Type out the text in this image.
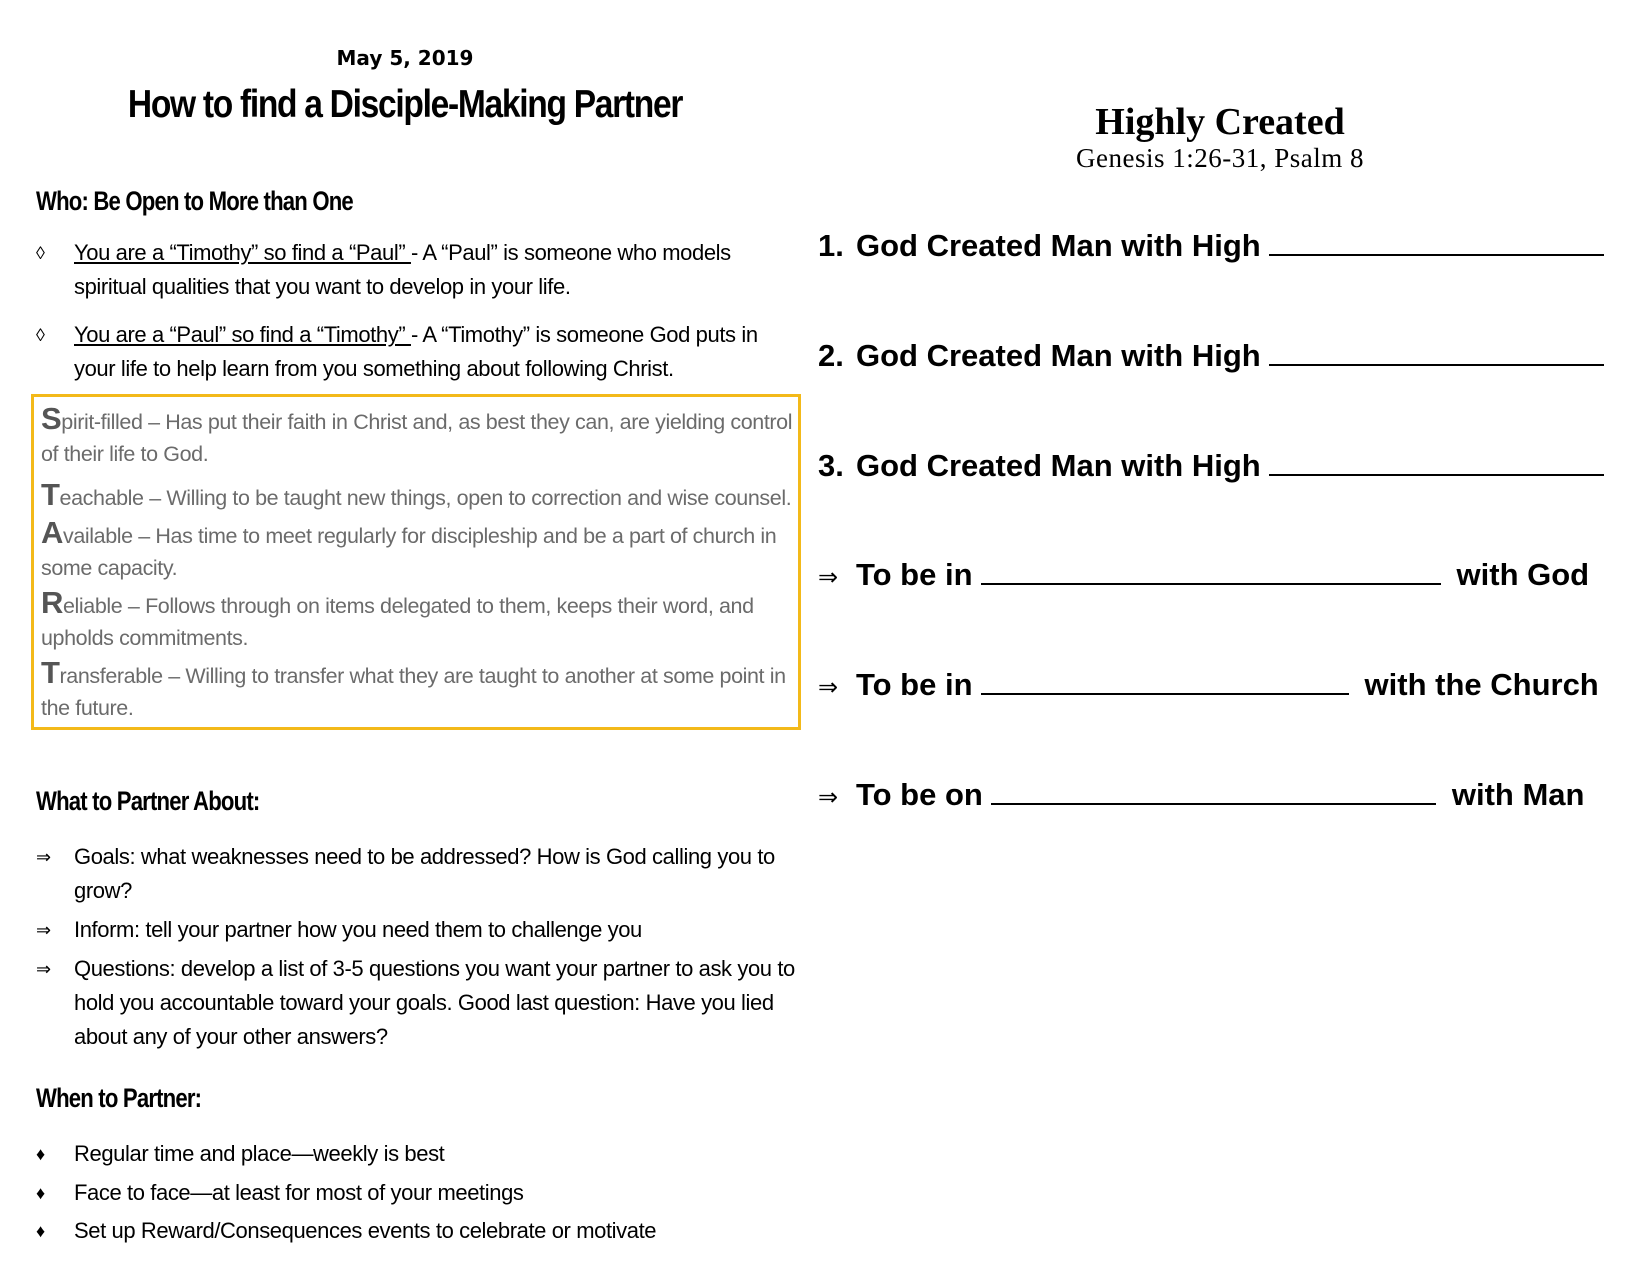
May 5, 2019
How to find a Disciple-Making Partner
Who: Be Open to More than One
◊	You are a “Timothy” so find a “Paul” - A “Paul” is someone who models spiritual qualities that you want to develop in your life.
◊	You are a “Paul” so find a “Timothy” - A “Timothy” is someone God puts in your life to help learn from you something about following Christ.
Spirit-filled – Has put their faith in Christ and, as best they can, are yielding control of their life to God.
Teachable – Willing to be taught new things, open to correction and wise counsel.
Available – Has time to meet regularly for discipleship and be a part of church in some capacity.
Reliable – Follows through on items delegated to them, keeps their word, and upholds commitments.
Transferable – Willing to transfer what they are taught to another at some point in the future.
What to Partner About:
⇒	Goals: what weaknesses need to be addressed? How is God calling you to grow?
⇒	Inform: tell your partner how you need them to challenge you
⇒	Questions: develop a list of 3-5 questions you want your partner to ask you to hold you accountable toward your goals. Good last question: Have you lied about any of your other answers?
When to Partner:
♦	Regular time and place—weekly is best
♦	Face to face—at least for most of your meetings
♦	Set up Reward/Consequences events to celebrate or motivate
Highly Created
Genesis 1:26-31, Psalm 8
1. God Created Man with High
2. God Created Man with High
3. God Created Man with High
⇒ To be in	with God
⇒ To be in	with the Church
⇒ To be on	with Man
